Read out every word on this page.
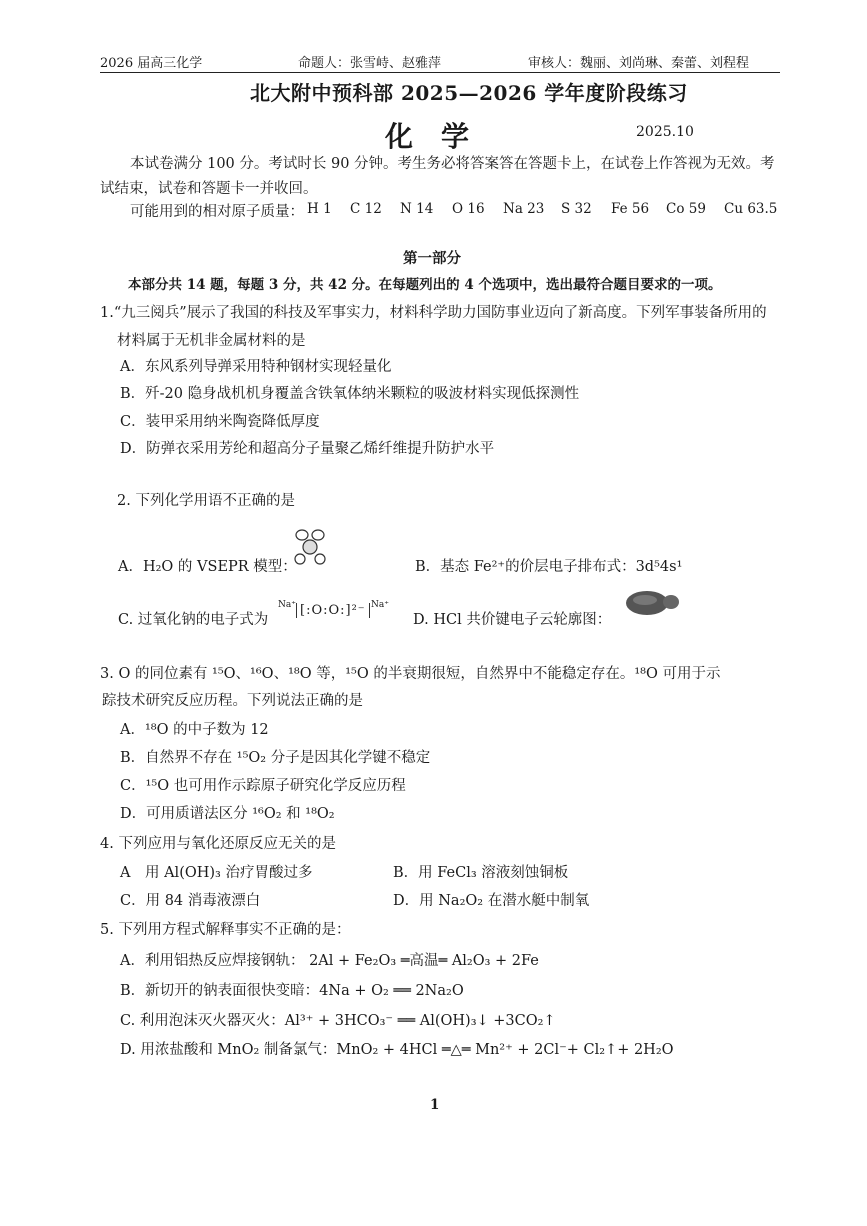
2026 届高三化学	命题人：张雪峙、赵雅萍	审核人：魏丽、刘尚琳、秦蕾、刘程程
北大附中预科部 2025—2026 学年度阶段练习
化学	2025.10
本试卷满分 100 分。考试时长 90 分钟。考生务必将答案答在答题卡上，在试卷上作答视为无效。考
试结束，试卷和答题卡一并收回。
可能用到的相对原子质量： H 1 C 12 N 14 O 16 Na 23 S 32 Fe 56 Co 59 Cu 63.5
第一部分
本部分共 14 题，每题 3 分，共 42 分。在每题列出的 4 个选项中，选出最符合题目要求的一项。
1.“九三阅兵”展示了我国的科技及军事实力，材料科学助力国防事业迈向了新高度。下列军事装备所用的
材料属于无机非金属材料的是
A．东风系列导弹采用特种钢材实现轻量化
B．歼-20 隐身战机机身覆盖含铁氧体纳米颗粒的吸波材料实现低探测性
C．装甲采用纳米陶瓷降低厚度
D．防弹衣采用芳纶和超高分子量聚乙烯纤维提升防护水平
2. 下列化学用语不正确的是
A．H₂O 的 VSEPR 模型：	B．基态 Fe²⁺的价层电子排布式：3d⁵4s¹
C. 过氧化钠的电子式为
Na⁺ [:O:O:]²⁻ Na⁺
D. HCl 共价键电子云轮廓图：
3. O 的同位素有 ¹⁵O、¹⁶O、¹⁸O 等，¹⁵O 的半衰期很短，自然界中不能稳定存在。¹⁸O 可用于示
踪技术研究反应历程。下列说法正确的是
A．¹⁸O 的中子数为 12
B．自然界不存在 ¹⁵O₂ 分子是因其化学键不稳定
C．¹⁵O 也可用作示踪原子研究化学反应历程
D．可用质谱法区分 ¹⁶O₂ 和 ¹⁸O₂
4. 下列应用与氧化还原反应无关的是
A　用 Al(OH)₃ 治疗胃酸过多	B．用 FeCl₃ 溶液刻蚀铜板
C．用 84 消毒液漂白	D．用 Na₂O₂ 在潜水艇中制氧
5. 下列用方程式解释事实不正确的是：
A．利用铝热反应焊接钢轨： 2Al + Fe₂O₃ ═高温═ Al₂O₃ + 2Fe
B．新切开的钠表面很快变暗：4Na + O₂ ══ 2Na₂O
C. 利用泡沫灭火器灭火：Al³⁺ + 3HCO₃⁻ ══ Al(OH)₃↓ +3CO₂↑
D. 用浓盐酸和 MnO₂ 制备氯气：MnO₂ + 4HCl ═△═ Mn²⁺ + 2Cl⁻+ Cl₂↑+ 2H₂O
1
